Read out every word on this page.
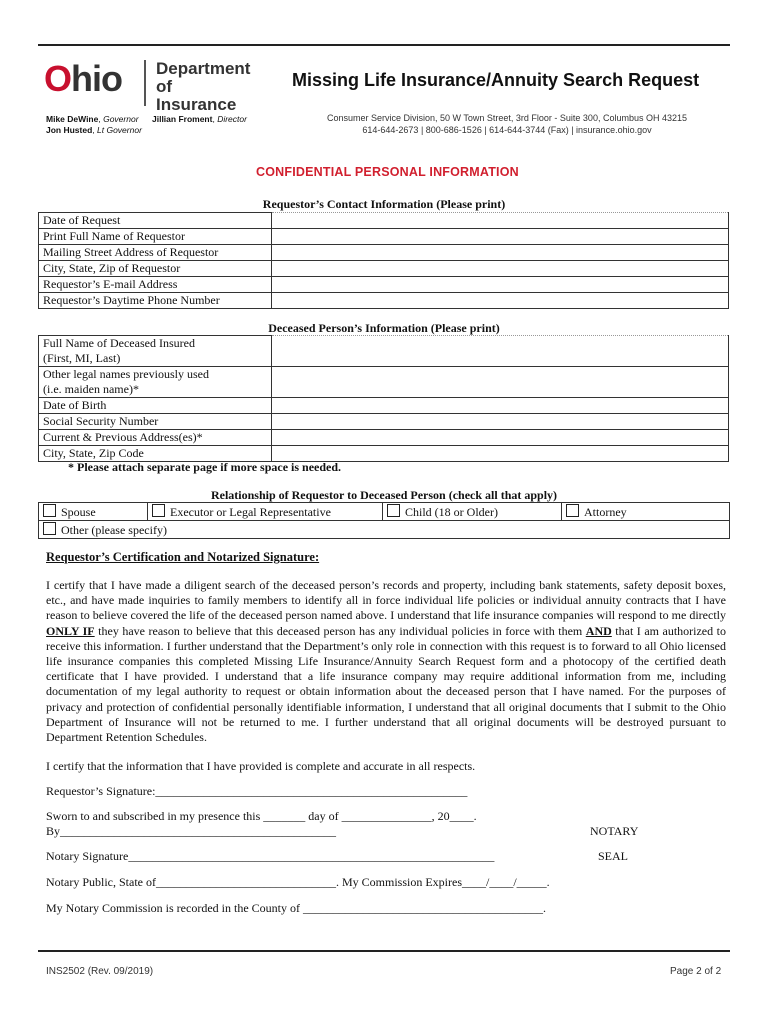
Ohio Department
of Insurance
Mike DeWine, Governor
Jon Husted, Lt Governor
Jillian Froment, Director
Missing Life Insurance/Annuity Search Request
Consumer Service Division, 50 W Town Street, 3rd Floor - Suite 300, Columbus OH 43215
614-644-2673 | 800-686-1526 | 614-644-3744 (Fax) | insurance.ohio.gov
CONFIDENTIAL PERSONAL INFORMATION
Requestor’s Contact Information (Please print)
Date of Request	
Print Full Name of Requestor	
Mailing Street Address of Requestor	
City, State, Zip of Requestor	
Requestor’s E-mail Address	
Requestor’s Daytime Phone Number	
Deceased Person’s Information (Please print)
Full Name of Deceased Insured
(First, MI, Last)	

Other legal names previously used
(i.e. maiden name)*	

Date of Birth	
Social Security Number	
Current & Previous Address(es)*	
City, State, Zip Code	
* Please attach separate page if more space is needed.
Relationship of Requestor to Deceased Person (check all that apply)
Spouse	Executor or Legal Representative	Child (18 or Older)	Attorney
Other (please specify)
Requestor’s Certification and Notarized Signature:
I certify that I have made a diligent search of the deceased person’s records and property, including bank statements, safety deposit boxes, etc., and have made inquiries to family members to identify all in force individual life policies or individual annuity contracts that I have reason to believe covered the life of the deceased person named above. I understand that life insurance companies will respond to me directly ONLY IF they have reason to believe that this deceased person has any individual policies in force with them AND that I am authorized to receive this information. I further understand that the Department’s only role in connection with this request is to forward to all Ohio licensed life insurance companies this completed Missing Life Insurance/Annuity Search Request form and a photocopy of the certified death certificate that I have provided. I understand that a life insurance company may require additional information from me, including documentation of my legal authority to request or obtain information about the deceased person that I have named. For the purposes of privacy and protection of confidential personally identifiable information, I understand that all original documents that I submit to the Ohio Department of Insurance will not be returned to me. I further understand that all original documents will be destroyed pursuant to Department Retention Schedules.
I certify that the information that I have provided is complete and accurate in all respects.
Requestor’s Signature:____________________________________________________
Sworn to and subscribed in my presence this _______ day of _______________, 20____.
By______________________________________________	NOTARY
Notary Signature_____________________________________________________________	SEAL
Notary Public, State of______________________________. My Commission Expires____/____/_____.
My Notary Commission is recorded in the County of ________________________________________.
INS2502 (Rev. 09/2019)	Page 2 of 2
